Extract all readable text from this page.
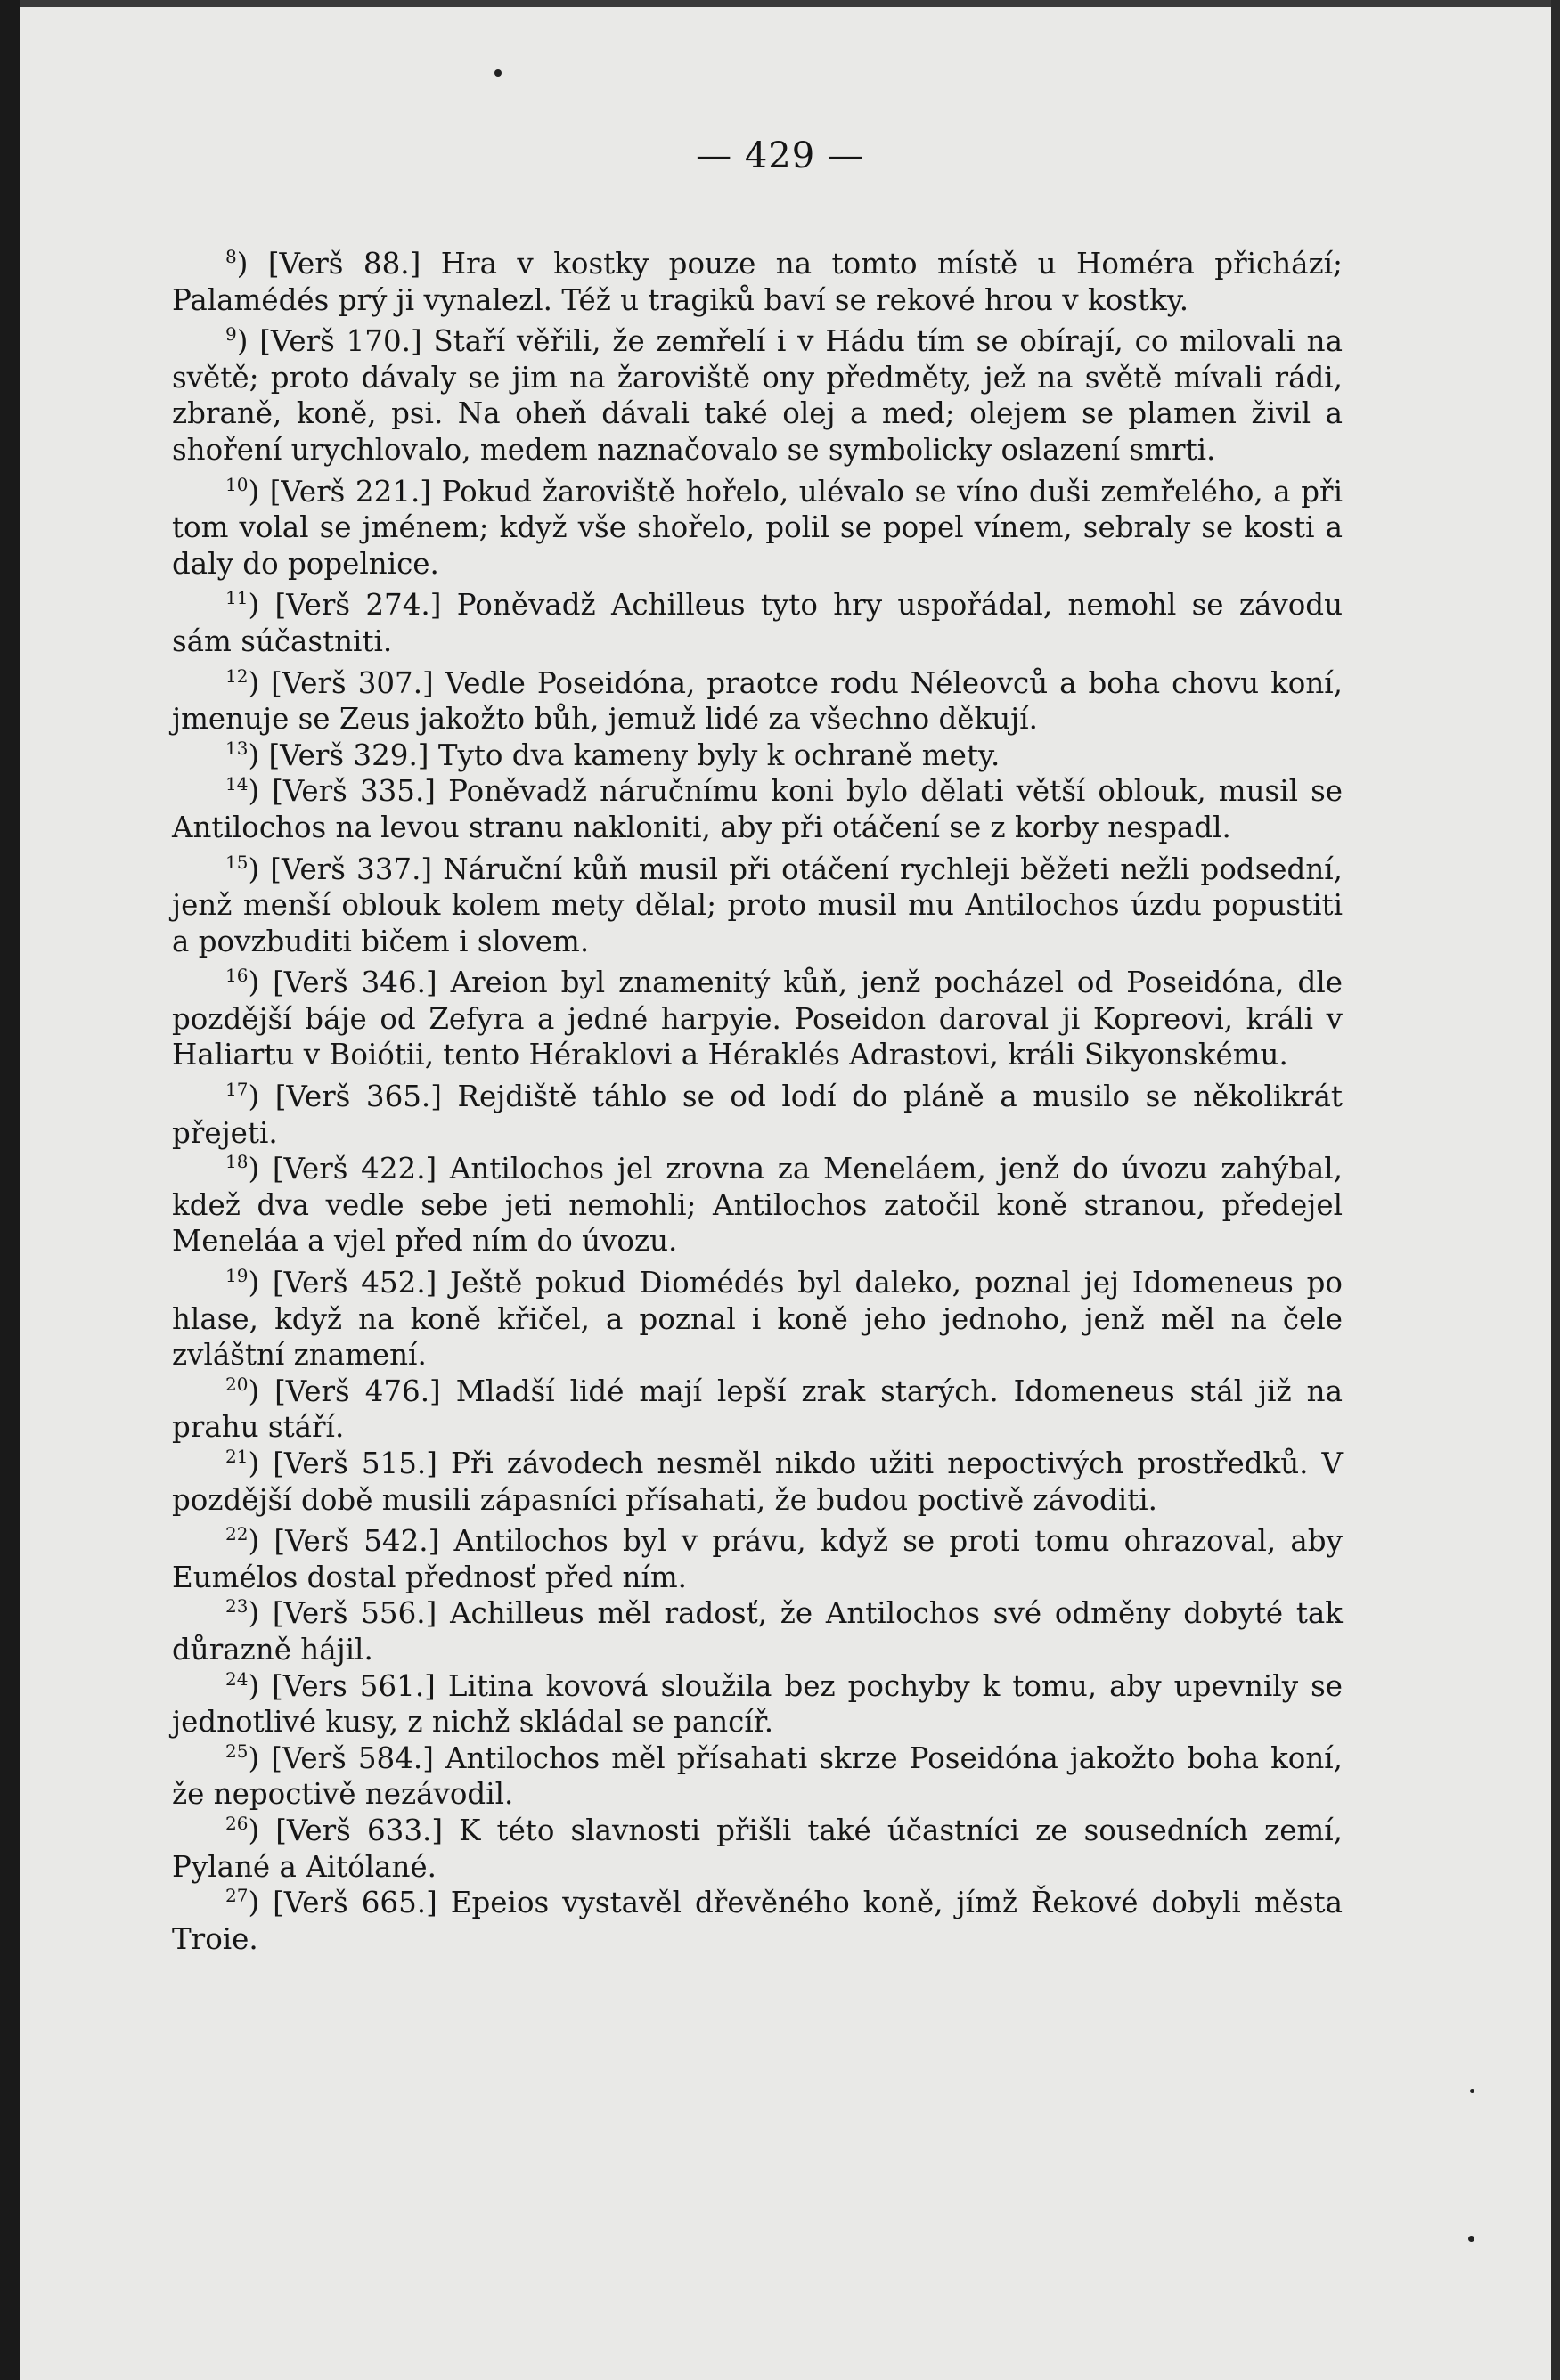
— 429 —

$^8$) [Verš 88.] Hra v kostky pouze na tomto místě u Homéra přichází; Palamédés prý ji vynalezl. Též u tragiků baví se rekové hrou v kostky.

$^9$) [Verš 170.] Staří věřili, že zemřelí i v Hádu tím se obírají, co milovali na světě; proto dávaly se jim na žaroviště ony předměty, jež na světě mívali rádi, zbraně, koně, psi. Na oheň dávali také olej a med; olejem se plamen živil a shoření urychlovalo, medem naznačovalo se symbolicky oslazení smrti.

$^{10}$) [Verš 221.] Pokud žaroviště hořelo, ulévalo se víno duši zemřelého, a při tom volal se jménem; když vše shořelo, polil se popel vínem, sebraly se kosti a daly do popelnice.

$^{11}$) [Verš 274.] Poněvadž Achilleus tyto hry uspořádal, nemohl se závodu sám súčastniti.

$^{12}$) [Verš 307.] Vedle Poseidóna, praotce rodu Néleovců a boha chovu koní, jmenuje se Zeus jakožto bůh, jemuž lidé za všechno děkují.

$^{13}$) [Verš 329.] Tyto dva kameny byly k ochraně mety.

$^{14}$) [Verš 335.] Poněvadž náručnímu koni bylo dělati větší oblouk, musil se Antilochos na levou stranu nakloniti, aby při otáčení se z korby nespadl.

$^{15}$) [Verš 337.] Náruční kůň musil při otáčení rychleji běžeti nežli podsední, jenž menší oblouk kolem mety dělal; proto musil mu Antilochos úzdu popustiti a povzbuditi bičem i slovem.

$^{16}$) [Verš 346.] Areion byl znamenitý kůň, jenž pocházel od Poseidóna, dle pozdější báje od Zefyra a jedné harpyie. Poseidon daroval ji Kopreovi, králi v Haliartu v Boiótii, tento Héraklovi a Héraklés Adrastovi, králi Sikyonskému.

$^{17}$) [Verš 365.] Rejdiště táhlo se od lodí do pláně a musilo se několikrát přejeti.

$^{18}$) [Verš 422.] Antilochos jel zrovna za Meneláem, jenž do úvozu zahýbal, kdež dva vedle sebe jeti nemohli; Antilochos zatočil koně stranou, předejel Meneláa a vjel před ním do úvozu.

$^{19}$) [Verš 452.] Ještě pokud Diomédés byl daleko, poznal jej Idomeneus po hlase, když na koně křičel, a poznal i koně jeho jednoho, jenž měl na čele zvláštní znamení.

$^{20}$) [Verš 476.] Mladší lidé mají lepší zrak starých. Idomeneus stál již na prahu stáří.

$^{21}$) [Verš 515.] Při závodech nesměl nikdo užiti nepoctivých prostředků. V pozdější době musili zápasníci přísahati, že budou poctivě závoditi.

$^{22}$) [Verš 542.] Antilochos byl v právu, když se proti tomu ohrazoval, aby Eumélos dostal přednosť před ním.

$^{23}$) [Verš 556.] Achilleus měl radosť, že Antilochos své odměny dobyté tak důrazně hájil.

$^{24}$) [Vers 561.] Litina kovová sloužila bez pochyby k tomu, aby upevnily se jednotlivé kusy, z nichž skládal se pancíř.

$^{25}$) [Verš 584.] Antilochos měl přísahati skrze Poseidóna jakožto boha koní, že nepoctivě nezávodil.

$^{26}$) [Verš 633.] K této slavnosti přišli také účastníci ze sousedních zemí, Pylané a Aitólané.

$^{27}$) [Verš 665.] Epeios vystavěl dřevěného koně, jímž Řekové dobyli města Troie.
